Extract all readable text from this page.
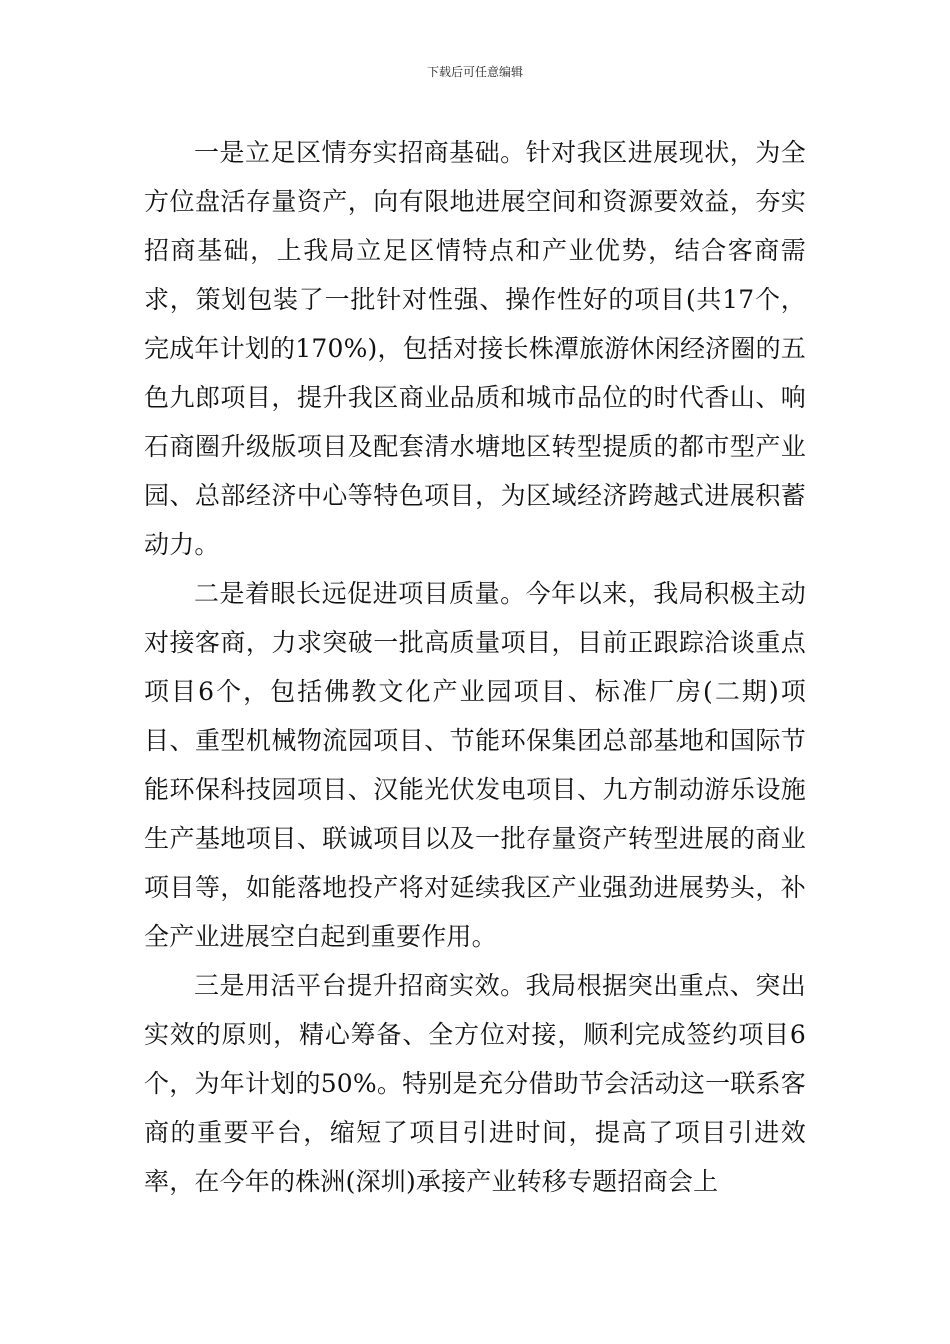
下载后可任意编辑

一是立足区情夯实招商基础。针对我区进展现状，为全方位盘活存量资产，向有限地进展空间和资源要效益，夯实招商基础，上我局立足区情特点和产业优势，结合客商需求，策划包装了一批针对性强、操作性好的项目(共17个，完成年计划的170%)，包括对接长株潭旅游休闲经济圈的五色九郎项目，提升我区商业品质和城市品位的时代香山、响石商圈升级版项目及配套清水塘地区转型提质的都市型产业园、总部经济中心等特色项目，为区域经济跨越式进展积蓄动力。

二是着眼长远促进项目质量。今年以来，我局积极主动对接客商，力求突破一批高质量项目，目前正跟踪洽谈重点项目6个，包括佛教文化产业园项目、标准厂房(二期)项目、重型机械物流园项目、节能环保集团总部基地和国际节能环保科技园项目、汉能光伏发电项目、九方制动游乐设施生产基地项目、联诚项目以及一批存量资产转型进展的商业项目等，如能落地投产将对延续我区产业强劲进展势头，补全产业进展空白起到重要作用。

三是用活平台提升招商实效。我局根据突出重点、突出实效的原则，精心筹备、全方位对接，顺利完成签约项目6个，为年计划的50%。特别是充分借助节会活动这一联系客商的重要平台，缩短了项目引进时间，提高了项目引进效率，在今年的株洲(深圳)承接产业转移专题招商会上
